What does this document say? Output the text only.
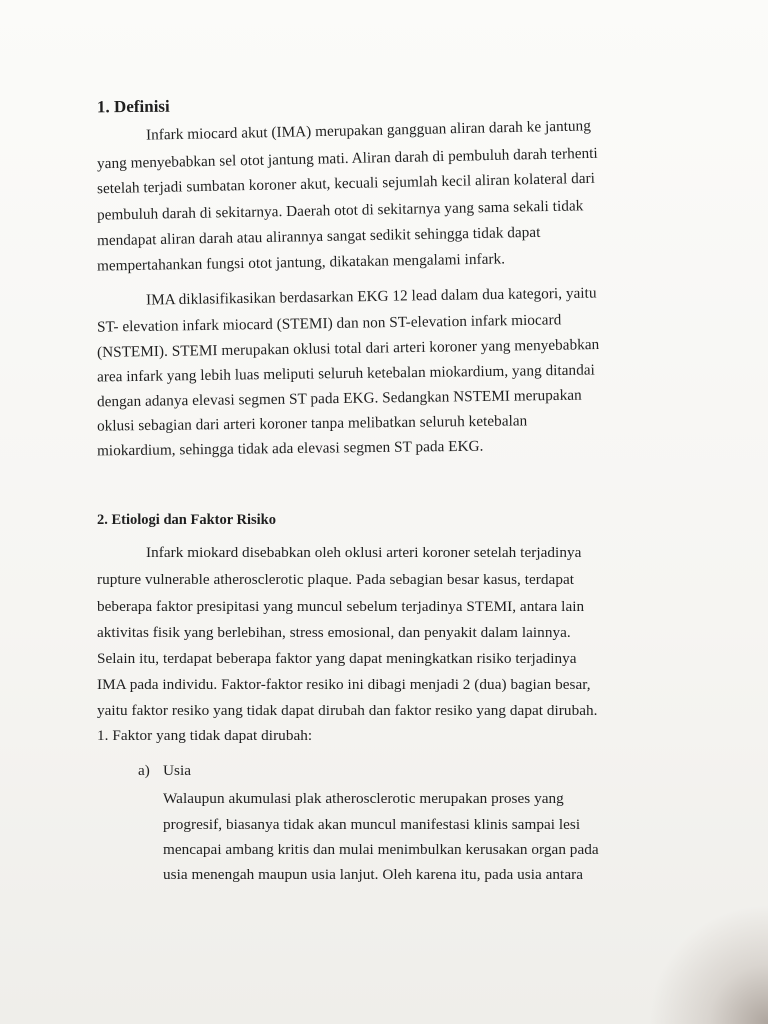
1. Definisi
Infark miocard akut (IMA) merupakan gangguan aliran darah ke jantung
yang menyebabkan sel otot jantung mati. Aliran darah di pembuluh darah terhenti
setelah terjadi sumbatan koroner akut, kecuali sejumlah kecil aliran kolateral dari
pembuluh darah di sekitarnya. Daerah otot di sekitarnya yang sama sekali tidak
mendapat aliran darah atau alirannya sangat sedikit sehingga tidak dapat
mempertahankan fungsi otot jantung, dikatakan mengalami infark.
IMA diklasifikasikan berdasarkan EKG 12 lead dalam dua kategori, yaitu
ST- elevation infark miocard (STEMI) dan non ST-elevation infark miocard
(NSTEMI). STEMI merupakan oklusi total dari arteri koroner yang menyebabkan
area infark yang lebih luas meliputi seluruh ketebalan miokardium, yang ditandai
dengan adanya elevasi segmen ST pada EKG. Sedangkan NSTEMI merupakan
oklusi sebagian dari arteri koroner tanpa melibatkan seluruh ketebalan
miokardium, sehingga tidak ada elevasi segmen ST pada EKG.
2. Etiologi dan Faktor Risiko
Infark miokard disebabkan oleh oklusi arteri koroner setelah terjadinya
rupture vulnerable atherosclerotic plaque. Pada sebagian besar kasus, terdapat
beberapa faktor presipitasi yang muncul sebelum terjadinya STEMI, antara lain
aktivitas fisik yang berlebihan, stress emosional, dan penyakit dalam lainnya.
Selain itu, terdapat beberapa faktor yang dapat meningkatkan risiko terjadinya
IMA pada individu. Faktor-faktor resiko ini dibagi menjadi 2 (dua) bagian besar,
yaitu faktor resiko yang tidak dapat dirubah dan faktor resiko yang dapat dirubah.
1. Faktor yang tidak dapat dirubah:
a) Usia
Walaupun akumulasi plak atherosclerotic merupakan proses yang
progresif, biasanya tidak akan muncul manifestasi klinis sampai lesi
mencapai ambang kritis dan mulai menimbulkan kerusakan organ pada
usia menengah maupun usia lanjut. Oleh karena itu, pada usia antara
